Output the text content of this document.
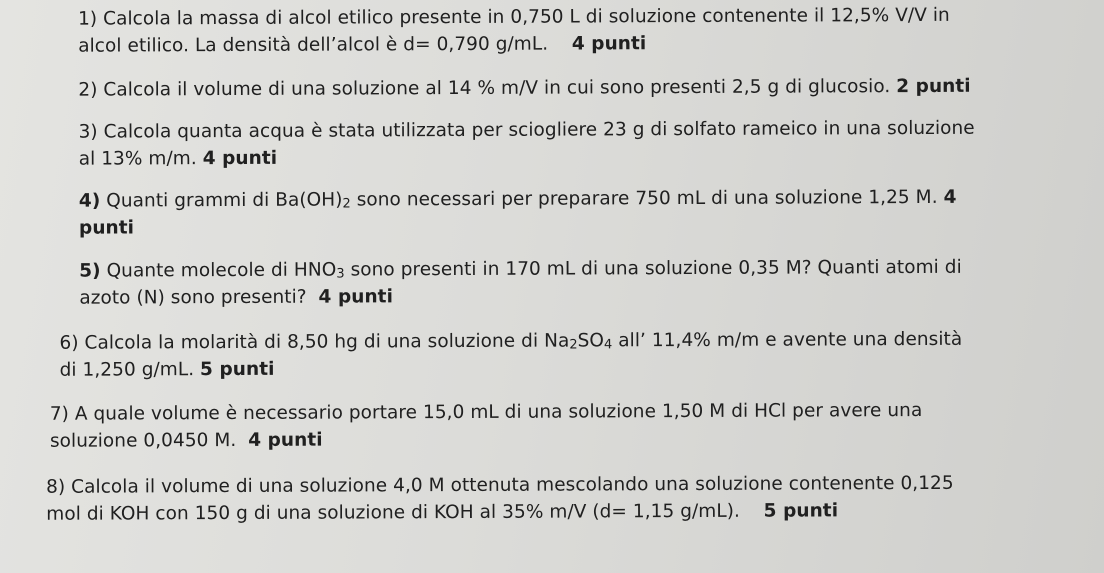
1) Calcola la massa di alcol etilico presente in 0,750 L di soluzione contenente il 12,5% V/V in
alcol etilico. La densità dell’alcol è d= 0,790 g/mL.    4 punti
2) Calcola il volume di una soluzione al 14 % m/V in cui sono presenti 2,5 g di glucosio. 2 punti
3) Calcola quanta acqua è stata utilizzata per sciogliere 23 g di solfato rameico in una soluzione
al 13% m/m. 4 punti
4) Quanti grammi di $Ba(OH)_2$ sono necessari per preparare 750 mL di una soluzione 1,25 M. 4
punti
5) Quante molecole di $HNO_3$ sono presenti in 170 mL di una soluzione 0,35 M? Quanti atomi di
azoto (N) sono presenti?  4 punti
6) Calcola la molarità di 8,50 hg di una soluzione di $Na_2SO_4$ all’ 11,4% m/m e avente una densità
di 1,250 g/mL. 5 punti
7) A quale volume è necessario portare 15,0 mL di una soluzione 1,50 M di HCl per avere una
soluzione 0,0450 M.  4 punti
8) Calcola il volume di una soluzione 4,0 M ottenuta mescolando una soluzione contenente 0,125
mol di KOH con 150 g di una soluzione di KOH al 35% m/V (d= 1,15 g/mL).    5 punti
